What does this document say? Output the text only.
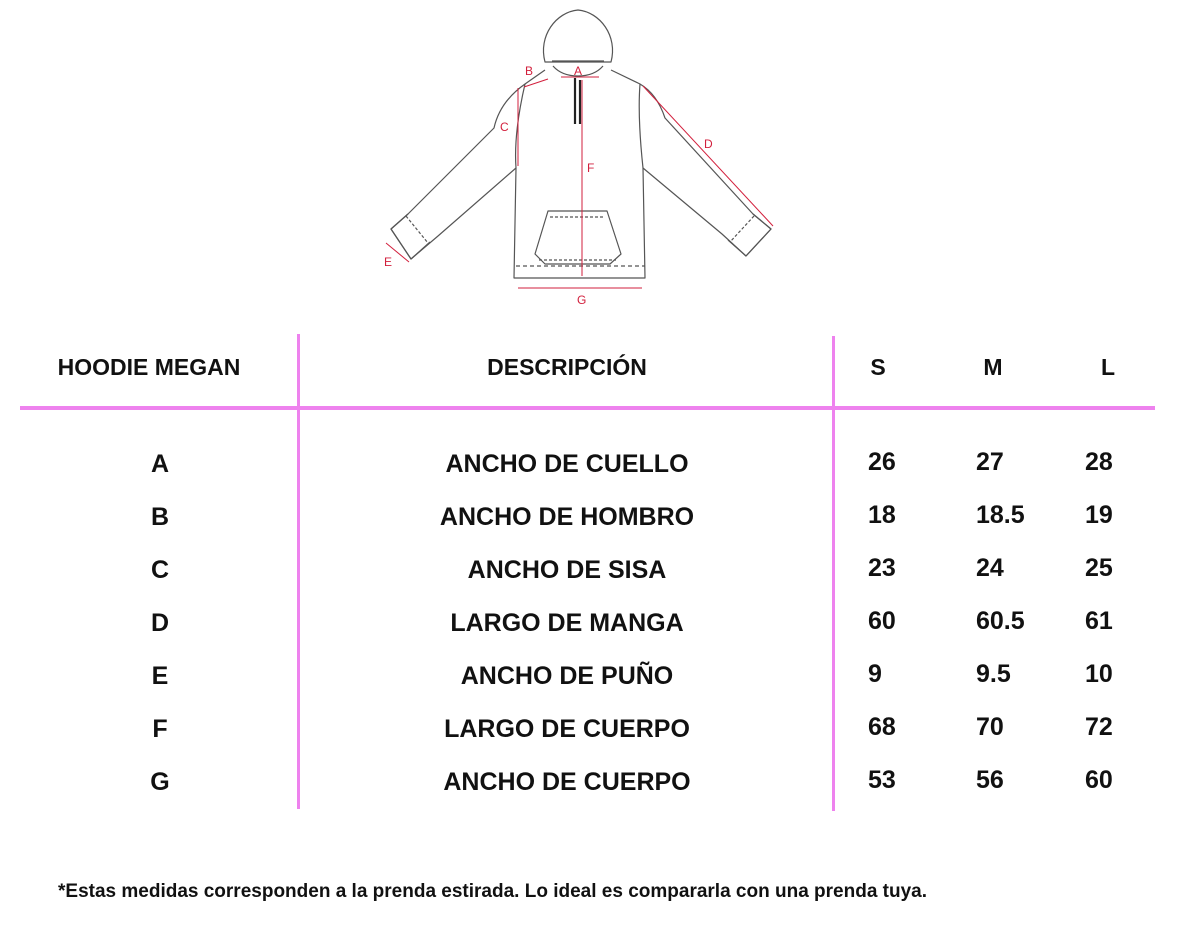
A
B
C
D
E
F
G
HOODIE MEGAN	DESCRIPCIÓN	S	M	L
A	ANCHO DE CUELLO	26	27	28
B	ANCHO DE HOMBRO	18	18.5	19
C	ANCHO DE SISA	23	24	25
D	LARGO DE MANGA	60	60.5	61
E	ANCHO DE PUÑO	9	9.5	10
F	LARGO DE CUERPO	68	70	72
G	ANCHO DE CUERPO	53	56	60
*Estas medidas corresponden a la prenda estirada. Lo ideal es compararla con una prenda tuya.
